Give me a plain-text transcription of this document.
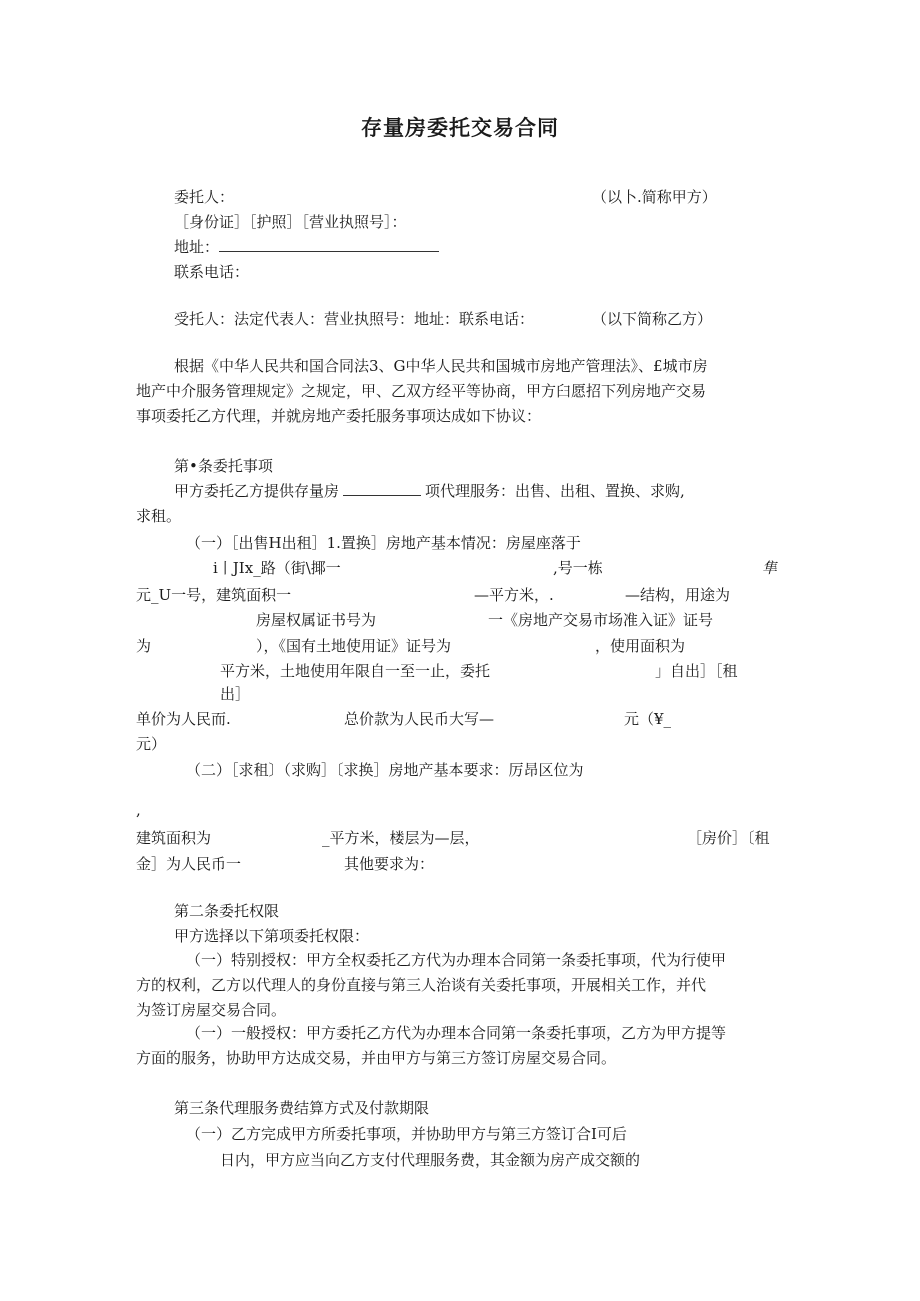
存量房委托交易合同
委托人：	（以卜.简称甲方）
［身份证］［护照］［营业执照号］：
地址：
联系电话：
受托人：法定代表人：营业执照号：地址：联系电话：	（以下简称乙方）
根据《中华人民共和国合同法3、G中华人民共和国城市房地产管理法》、£城市房
地产中介服务管理规定》之规定，甲、乙双方经平等协商，甲方臼愿招下列房地产交易
事项委托乙方代理，并就房地产委托服务事项达成如下协议：
第•条委托事项
甲方委托乙方提供存量房	项代理服务：出售、出租、置换、求购,
求租。
（一）［出售H出租］1.置换］房地产基本情况：房屋座落于
i丨JIx_路（街\揶一	,号一栋	隼
元_U一号，建筑面积一	—平方米，.	—结构，用途为
房屋权属证书号为	一《房地产交易市场准入证》证号
为	），《国有土地使用证》证号为	，使用面积为
平方米，土地使用年限自一至一止，委托	」自出］［租
出］
单价为人民而.	总价款为人民币大写—	元（¥_
元）
（二）［求租〕（求购］〔求换］房地产基本要求：厉昂区位为
,
建筑面积为	_平方米，楼层为—层，	［房价］〔租
金］为人民币一	其他要求为：
第二条委托权限
甲方选择以下第项委托权限：
（一）特别授权：甲方全权委托乙方代为办理本合同第一条委托事项，代为行使甲
方的权利，乙方以代理人的身份直接与第三人治谈有关委托事项，开展相关工作，并代
为签订房屋交易合同。
（一）一般授权：甲方委托乙方代为办理本合同第一条委托事项，乙方为甲方提等
方面的服务，协助甲方达成交易，并由甲方与第三方签订房屋交易合同。
第三条代理服务费结算方式及付款期限
（一）乙方完成甲方所委托事项，并协助甲方与第三方签订合I可后
日内，甲方应当向乙方支付代理服务费，其金额为房产成交额的
